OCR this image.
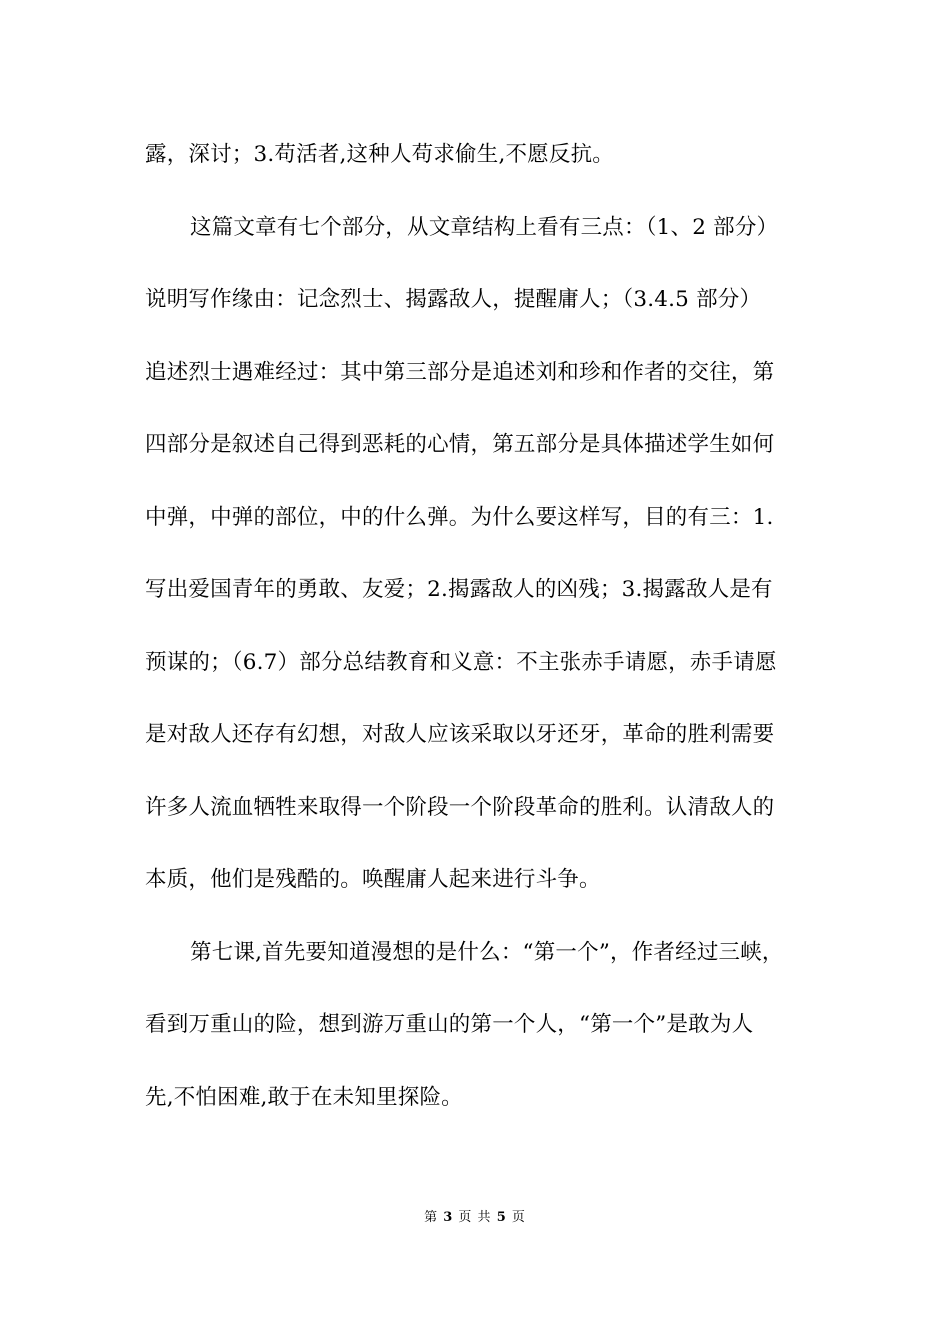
露，深讨；3.苟活者,这种人苟求偷生,不愿反抗。
这篇文章有七个部分，从文章结构上看有三点：（1、2 部分）
说明写作缘由：记念烈士、揭露敌人，提醒庸人；（3.4.5 部分）
追述烈士遇难经过：其中第三部分是追述刘和珍和作者的交往，第
四部分是叙述自己得到恶耗的心情，第五部分是具体描述学生如何
中弹，中弹的部位，中的什么弹。为什么要这样写，目的有三：1.
写出爱国青年的勇敢、友爱；2.揭露敌人的凶残；3.揭露敌人是有
预谋的；（6.7）部分总结教育和义意：不主张赤手请愿，赤手请愿
是对敌人还存有幻想，对敌人应该采取以牙还牙，革命的胜利需要
许多人流血牺牲来取得一个阶段一个阶段革命的胜利。认清敌人的
本质，他们是残酷的。唤醒庸人起来进行斗争。
第七课,首先要知道漫想的是什么：“第一个”，作者经过三峡，
看到万重山的险，想到游万重山的第一个人，“第一个”是敢为人
先,不怕困难,敢于在未知里探险。
第 3 页 共 5 页
